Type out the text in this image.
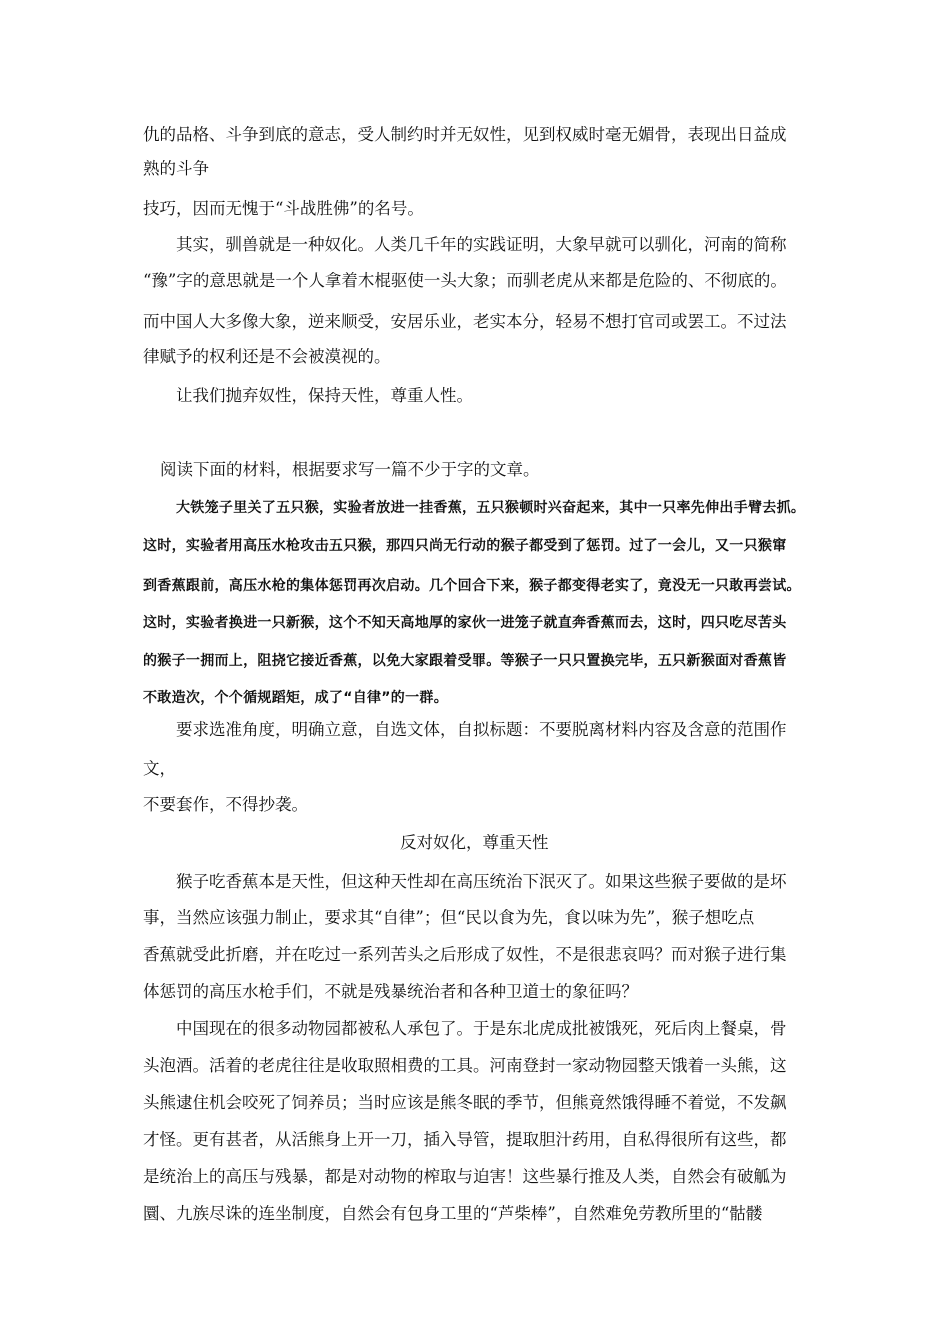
仇的品格、斗争到底的意志，受人制约时并无奴性，见到权威时毫无媚骨，表现出日益成
熟的斗争
技巧，因而无愧于“斗战胜佛”的名号。
其实，驯兽就是一种奴化。人类几千年的实践证明，大象早就可以驯化，河南的简称
“豫”字的意思就是一个人拿着木棍驱使一头大象；而驯老虎从来都是危险的、不彻底的。
而中国人大多像大象，逆来顺受，安居乐业，老实本分，轻易不想打官司或罢工。不过法
律赋予的权利还是不会被漠视的。
让我们抛弃奴性，保持天性，尊重人性。
阅读下面的材料，根据要求写一篇不少于字的文章。
大铁笼子里关了五只猴，实验者放进一挂香蕉，五只猴顿时兴奋起来，其中一只率先伸出手臂去抓。
这时，实验者用高压水枪攻击五只猴，那四只尚无行动的猴子都受到了惩罚。过了一会儿，又一只猴窜
到香蕉跟前，高压水枪的集体惩罚再次启动。几个回合下来，猴子都变得老实了，竟没无一只敢再尝试。
这时，实验者换进一只新猴，这个不知天高地厚的家伙一进笼子就直奔香蕉而去，这时，四只吃尽苦头
的猴子一拥而上，阻挠它接近香蕉，以免大家跟着受罪。等猴子一只只置换完毕，五只新猴面对香蕉皆
不敢造次，个个循规蹈矩，成了“自律”的一群。
要求选准角度，明确立意，自选文体，自拟标题：不要脱离材料内容及含意的范围作
文，
不要套作，不得抄袭。
反对奴化，尊重天性
猴子吃香蕉本是天性，但这种天性却在高压统治下泯灭了。如果这些猴子要做的是坏
事，当然应该强力制止，要求其“自律”；但“民以食为先，食以味为先”，猴子想吃点
香蕉就受此折磨，并在吃过一系列苦头之后形成了奴性，不是很悲哀吗？而对猴子进行集
体惩罚的高压水枪手们，不就是残暴统治者和各种卫道士的象征吗？
中国现在的很多动物园都被私人承包了。于是东北虎成批被饿死，死后肉上餐桌，骨
头泡酒。活着的老虎往往是收取照相费的工具。河南登封一家动物园整天饿着一头熊，这
头熊逮住机会咬死了饲养员；当时应该是熊冬眠的季节，但熊竟然饿得睡不着觉，不发飙
才怪。更有甚者，从活熊身上开一刀，插入导管，提取胆汁药用，自私得很所有这些，都
是统治上的高压与残暴，都是对动物的榨取与迫害！这些暴行推及人类，自然会有破觚为
圜、九族尽诛的连坐制度，自然会有包身工里的“芦柴棒”，自然难免劳教所里的“骷髅
